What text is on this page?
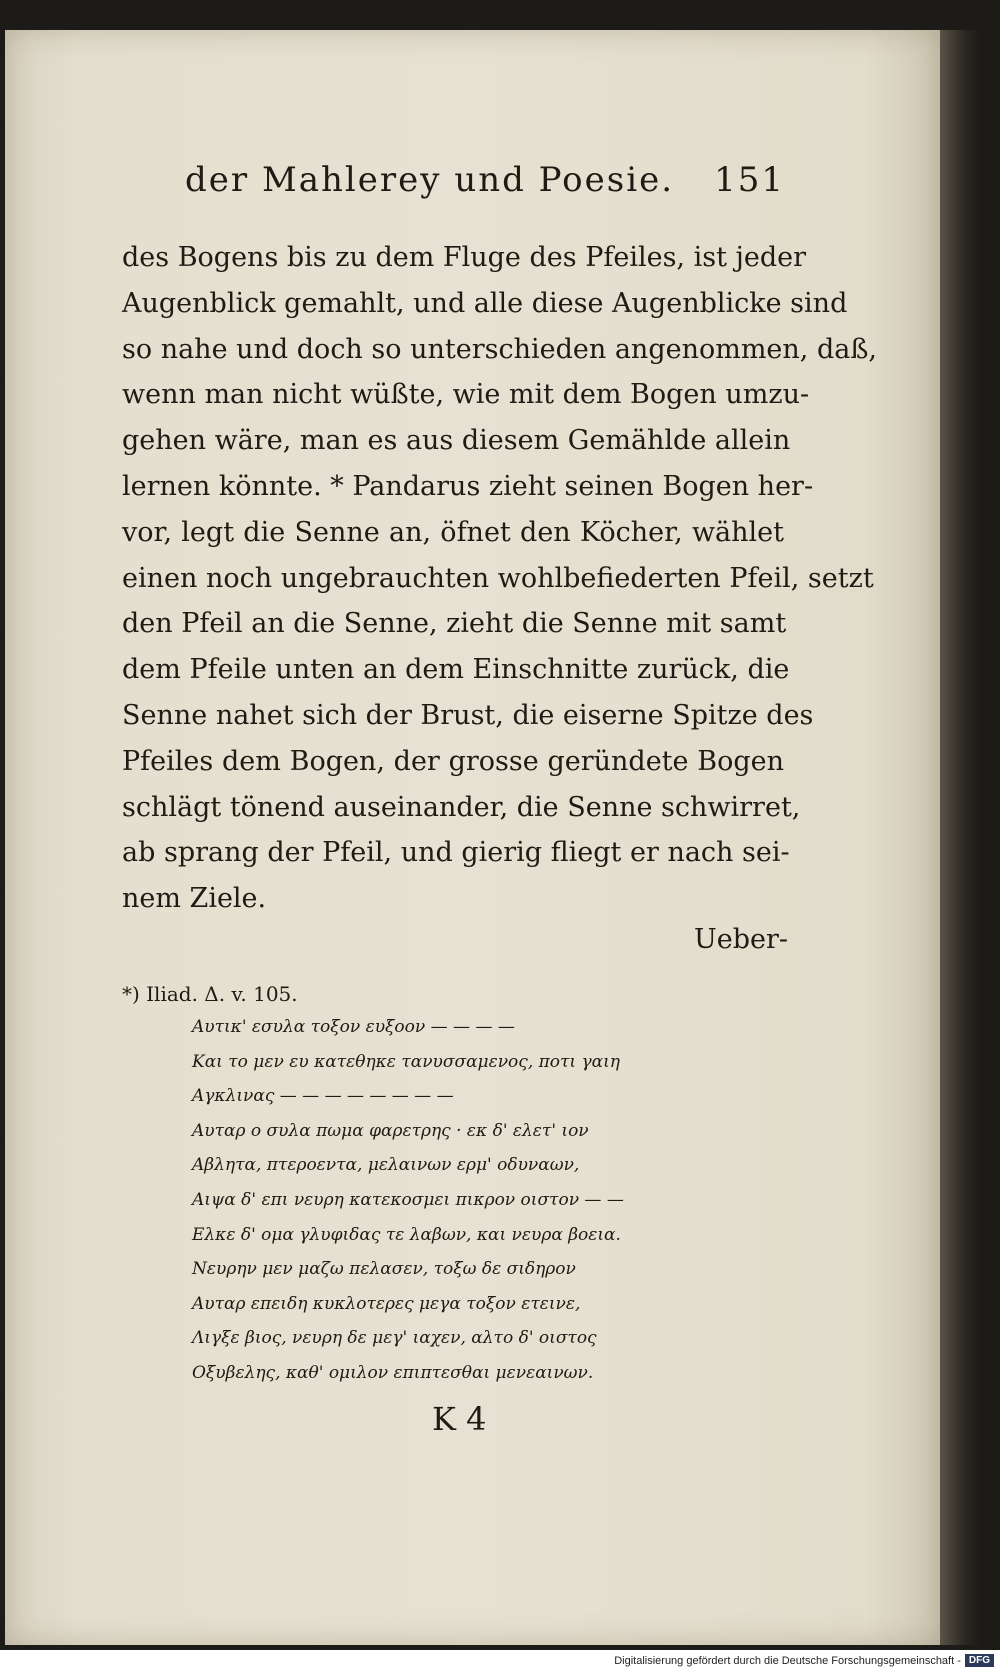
der Mahlerey und Poesie. 151
des Bogens bis zu dem Fluge des Pfeiles, ist jeder
Augenblick gemahlt, und alle diese Augenblicke sind
so nahe und doch so unterschieden angenommen, daß,
wenn man nicht wüßte, wie mit dem Bogen umzu-
gehen wäre, man es aus diesem Gemählde allein
lernen könnte. * Pandarus zieht seinen Bogen her-
vor, legt die Senne an, öfnet den Köcher, wählet
einen noch ungebrauchten wohlbefiederten Pfeil, setzt
den Pfeil an die Senne, zieht die Senne mit samt
dem Pfeile unten an dem Einschnitte zurück, die
Senne nahet sich der Brust, die eiserne Spitze des
Pfeiles dem Bogen, der grosse geründete Bogen
schlägt tönend auseinander, die Senne schwirret,
ab sprang der Pfeil, und gierig fliegt er nach sei-
nem Ziele.
Ueber-
*) Iliad. Δ. v. 105.
Αυτικ' εσυλα τοξον ευξοον — — — —
Και το μεν ευ κατεθηκε τανυσσαμενος, ποτι γαιη
Αγκλινας — — — — — — — —
Αυταρ ο συλα πωμα φαρετρης · εκ δ' ελετ' ιον
Αβλητα, πτεροεντα, μελαινων ερμ' οδυναων,
Αιψα δ' επι νευρη κατεκοσμει πικρον οιστον — —
Ελκε δ' ομα γλυφιδας τε λαβων, και νευρα βοεια.
Νευρην μεν μαζω πελασεν, τοξω δε σιδηρον
Αυταρ επειδη κυκλοτερες μεγα τοξον ετεινε,
Λιγξε βιος, νευρη δε μεγ' ιαχεν, αλτο δ' οιστος
Οξυβελης, καθ' ομιλον επιπτεσθαι μενεαινων.
K 4
Digitalisierung gefördert durch die Deutsche Forschungsgemeinschaft - DFG
